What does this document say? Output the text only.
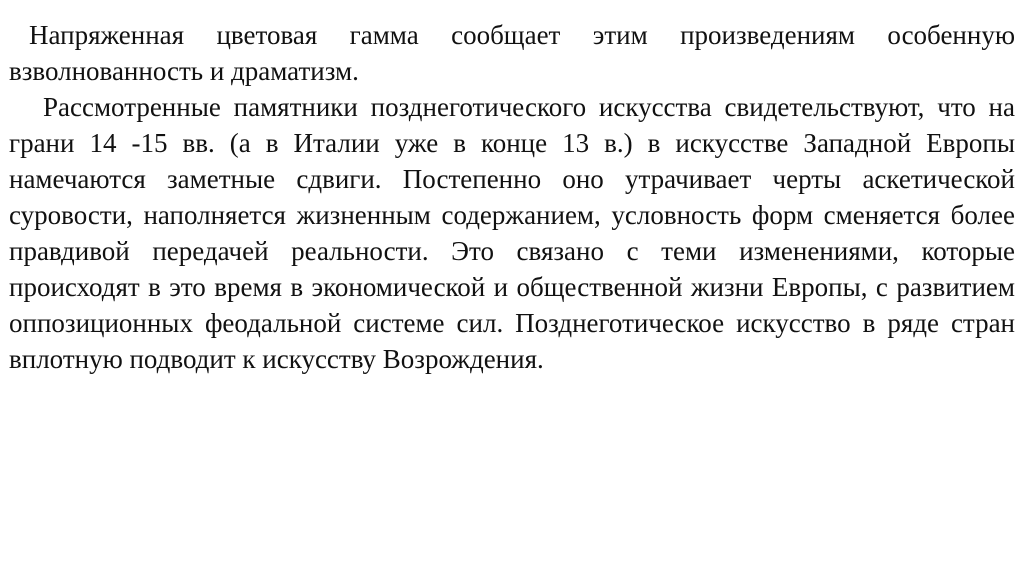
Напряженная цветовая гамма сообщает этим произведениям особенную взволнованность и драматизм.

Рассмотренные памятники позднеготического искусства свидетельствуют, что на грани 14 -15 вв. (а в Италии уже в конце 13 в.) в искусстве Западной Европы намечаются заметные сдвиги. Постепенно оно утрачивает черты аскетической суровости, наполняется жизненным содержанием, условность форм сменяется более правдивой передачей реальности. Это связано с теми изменениями, которые происходят в это время в экономической и общественной жизни Европы, с развитием оппозиционных феодальной системе сил. Позднеготическое искусство в ряде стран вплотную подводит к искусству Возрождения.
